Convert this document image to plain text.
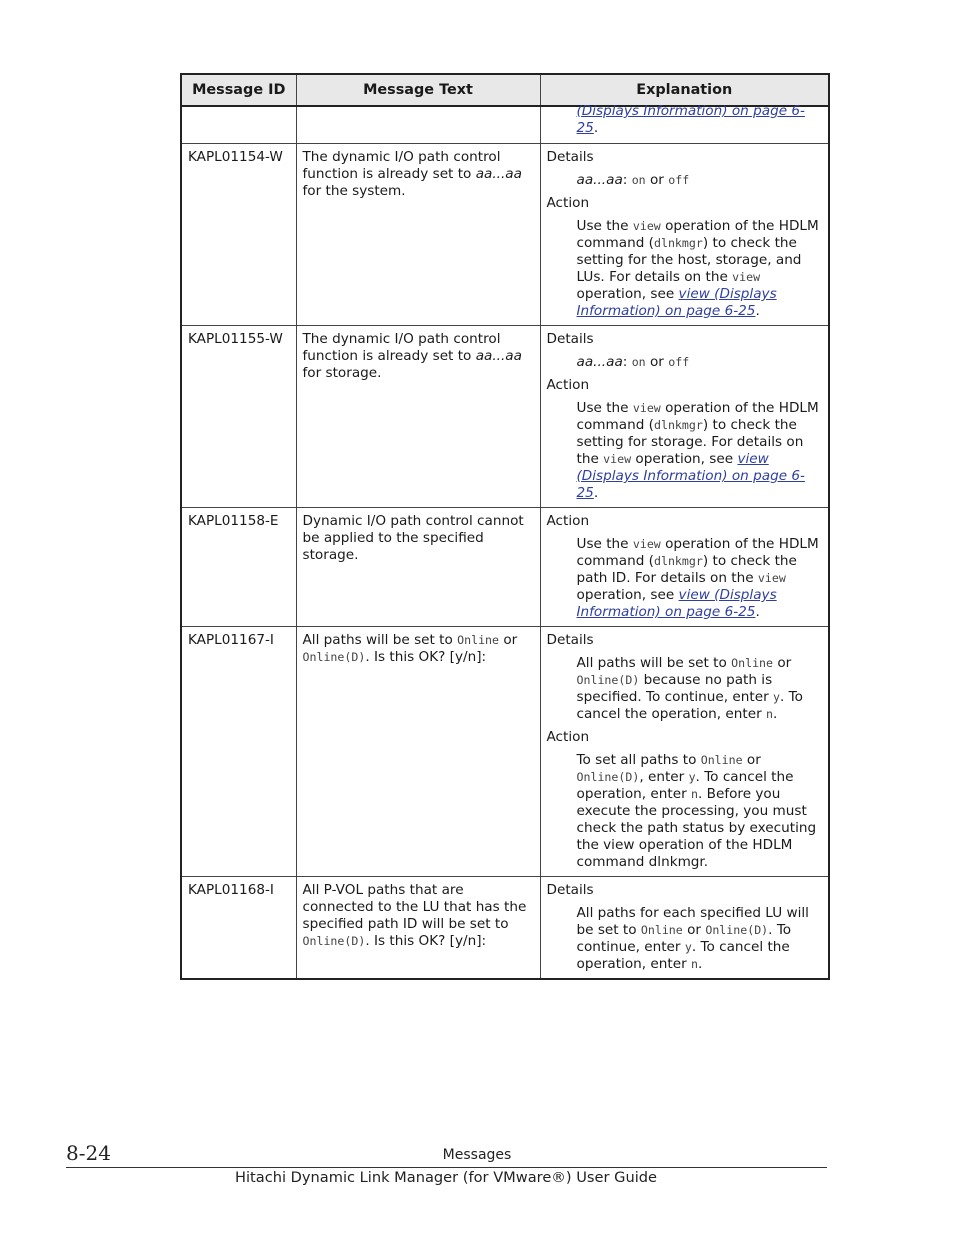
Message ID	Message Text	Explanation

		(Displays Information) on page 6-25.

KAPL01154-W	The dynamic I/O path control function is already set to aa...aa for the system.	Details

aa...aa: on or off

Action

Use the view operation of the HDLM command (dlnkmgr) to check the setting for the host, storage, and LUs. For details on the view operation, see view (Displays Information) on page 6-25.

KAPL01155-W	The dynamic I/O path control function is already set to aa...aa for storage.	Details

aa...aa: on or off

Action

Use the view operation of the HDLM command (dlnkmgr) to check the setting for storage. For details on the view operation, see view (Displays Information) on page 6-25.

KAPL01158-E	Dynamic I/O path control cannot be applied to the specified storage.	Action

Use the view operation of the HDLM command (dlnkmgr) to check the path ID. For details on the view operation, see view (Displays Information) on page 6-25.

KAPL01167-I	All paths will be set to Online or Online(D). Is this OK? [y/n]:	Details

All paths will be set to Online or Online(D) because no path is specified. To continue, enter y. To cancel the operation, enter n.

Action

To set all paths to Online or Online(D), enter y. To cancel the operation, enter n. Before you execute the processing, you must check the path status by executing the view operation of the HDLM command dlnkmgr.

KAPL01168-I	All P-VOL paths that are connected to the LU that has the specified path ID will be set to Online(D). Is this OK? [y/n]:	Details

All paths for each specified LU will be set to Online or Online(D). To continue, enter y. To cancel the operation, enter n.

8-24	Messages
Hitachi Dynamic Link Manager (for VMware®) User Guide
